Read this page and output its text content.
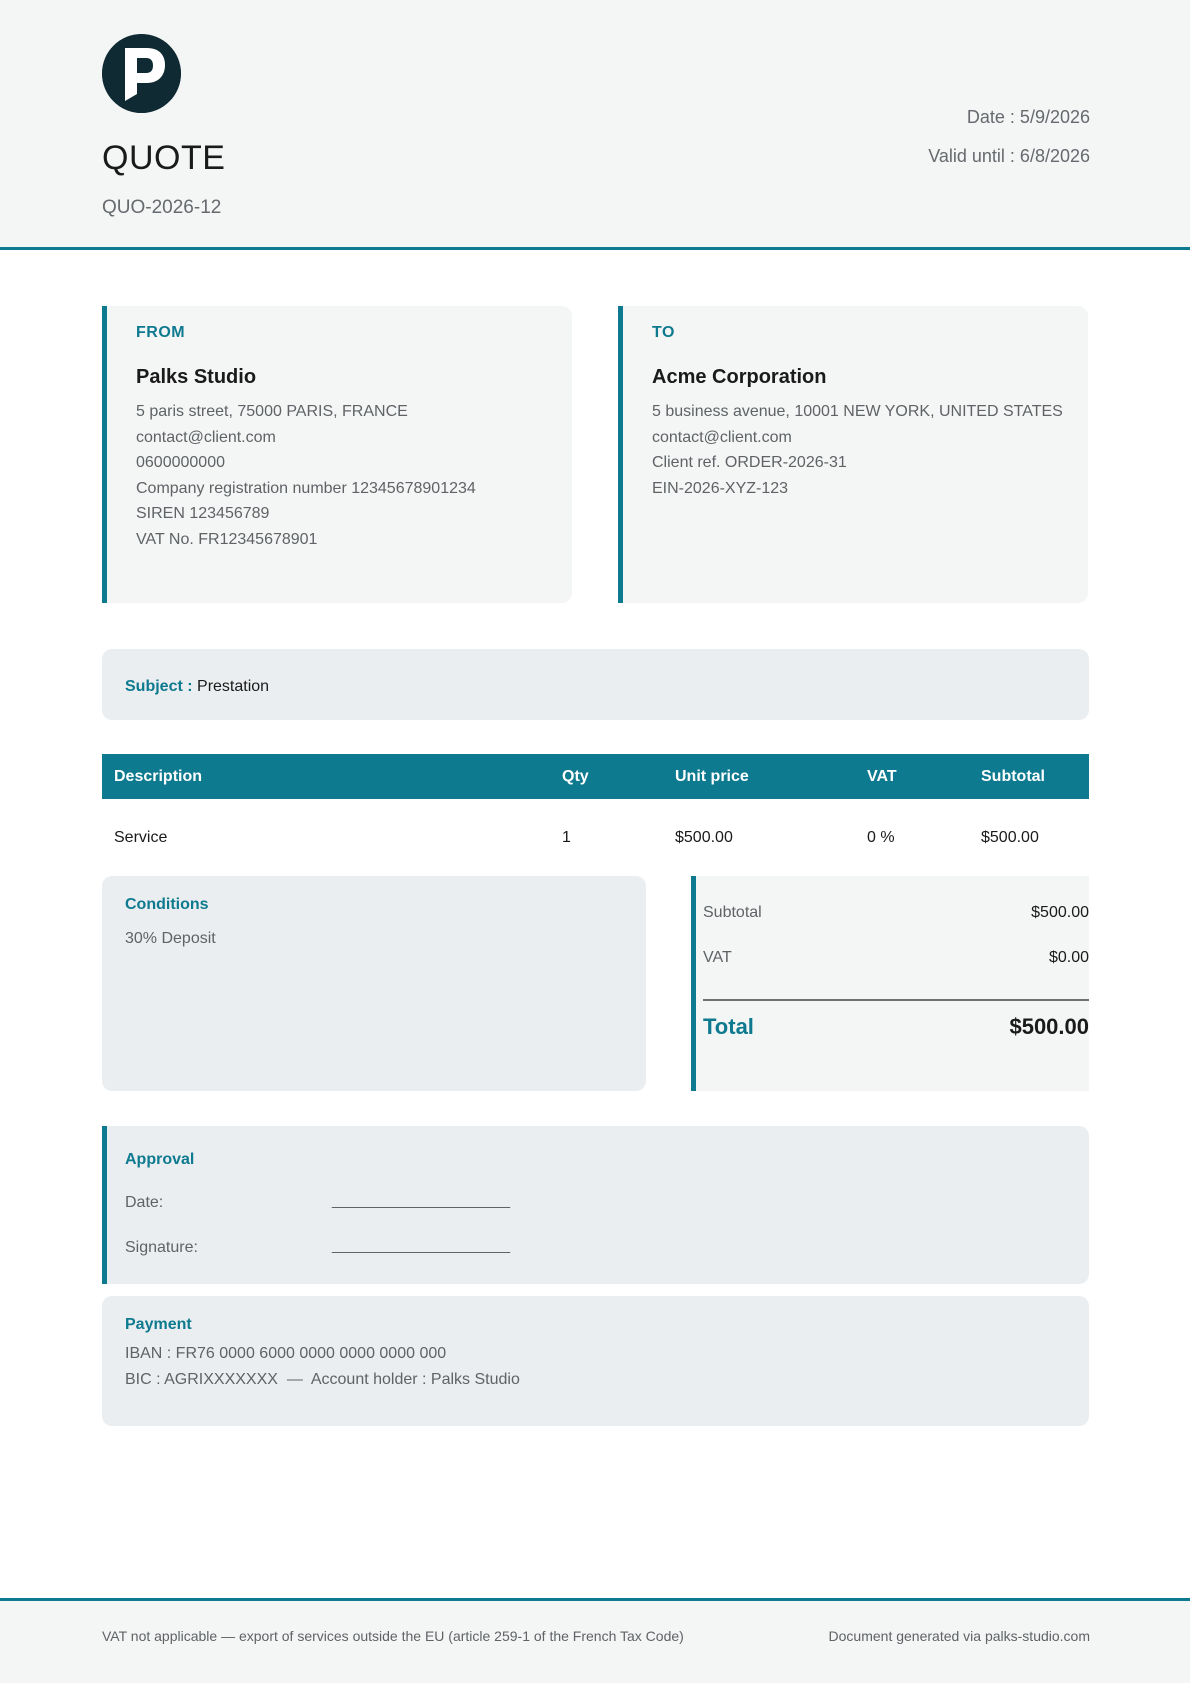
QUOTE
QUO-2026-12
Date : 5/9/2026
Valid until : 6/8/2026
FROM
Palks Studio
5 paris street, 75000 PARIS, FRANCE
contact@client.com
0600000000
Company registration number 12345678901234
SIREN 123456789
VAT No. FR12345678901
TO
Acme Corporation
5 business avenue, 10001 NEW YORK, UNITED STATES
contact@client.com
Client ref. ORDER-2026-31
EIN-2026-XYZ-123
Subject : Prestation
Description	Qty	Unit price	VAT	Subtotal
Service	1	$500.00	0 %	$500.00
Conditions
30% Deposit
Subtotal	$500.00
VAT	$0.00
Total	$500.00
Approval
Date:	____________________
Signature:	____________________
Payment
IBAN : FR76 0000 6000 0000 0000 0000 000
BIC : AGRIXXXXXXX  —  Account holder : Palks Studio
VAT not applicable — export of services outside the EU (article 259-1 of the French Tax Code)	Document generated via palks-studio.com
